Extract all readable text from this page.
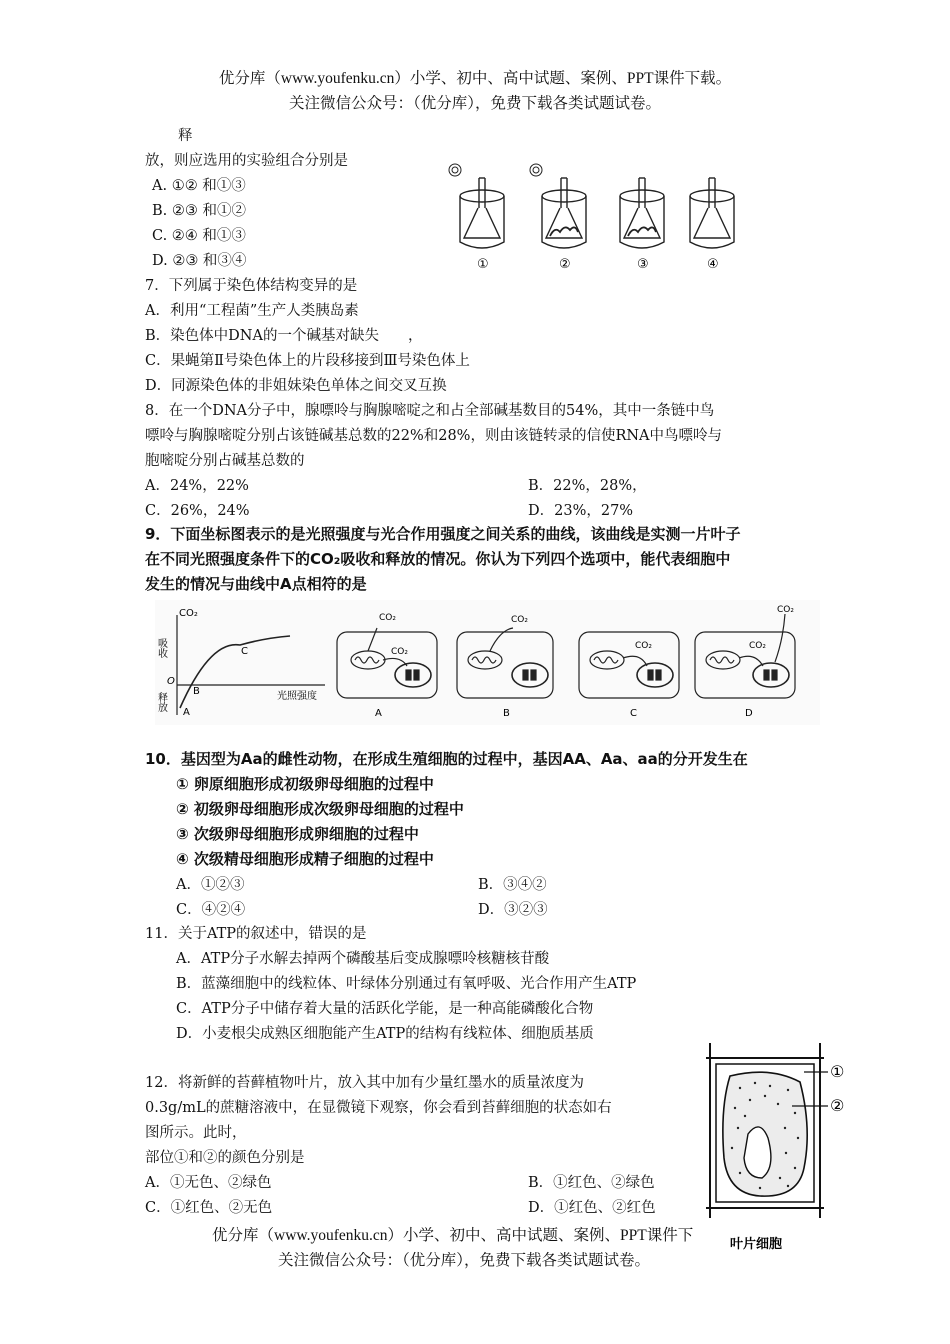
优分库（www.youfenku.cn）小学、初中、高中试题、案例、PPT课件下载。
关注微信公众号：（优分库），免费下载各类试题试卷。
释
放，则应选用的实验组合分别是
A. ①② 和①③
B. ②③ 和①②
C. ②④ 和①③
D. ②③ 和③④	①	②	③	④
7．下列属于染色体结构变异的是
A．利用“工程菌”生产人类胰岛素
B．染色体中DNA的一个碱基对缺失　　，
C．果蝇第Ⅱ号染色体上的片段移接到Ⅲ号染色体上
D．同源染色体的非姐妹染色单体之间交叉互换
8．在一个DNA分子中，腺嘌呤与胸腺嘧啶之和占全部碱基数目的54%，其中一条链中鸟
嘌呤与胸腺嘧啶分别占该链碱基总数的22%和28%，则由该链转录的信使RNA中鸟嘌呤与
胞嘧啶分别占碱基总数的
A．24%，22%	B．22%，28%，
C．26%，24%	D．23%，27%
9．下面坐标图表示的是光照强度与光合作用强度之间关系的曲线，该曲线是实测一片叶子
在不同光照强度条件下的CO₂吸收和释放的情况。你认为下列四个选项中，能代表细胞中
发生的情况与曲线中A点相符的是
CO₂
吸收
释放
O
光照强度
A
B
C
CO₂
CO₂
CO₂
CO₂
CO₂
CO₂
A	B	C	D
10．基因型为Aa的雌性动物，在形成生殖细胞的过程中，基因AA、Aa、aa的分开发生在
① 卵原细胞形成初级卵母细胞的过程中
② 初级卵母细胞形成次级卵母细胞的过程中
③ 次级卵母细胞形成卵细胞的过程中
④ 次级精母细胞形成精子细胞的过程中
A．①②③	B．③④②
C．④②④	D．③②③
11．关于ATP的叙述中，错误的是
A．ATP分子水解去掉两个磷酸基后变成腺嘌呤核糖核苷酸
B．蓝藻细胞中的线粒体、叶绿体分别通过有氧呼吸、光合作用产生ATP
C．ATP分子中储存着大量的活跃化学能，是一种高能磷酸化合物
D．小麦根尖成熟区细胞能产生ATP的结构有线粒体、细胞质基质
12．将新鲜的苔藓植物叶片，放入其中加有少量红墨水的质量浓度为
0.3g/mL的蔗糖溶液中，在显微镜下观察，你会看到苔藓细胞的状态如右
图所示。此时，
部位①和②的颜色分别是
A．①无色、②绿色	B．①红色、②绿色
C．①红色、②无色	D．①红色、②红色
①
②
叶片细胞
优分库（www.youfenku.cn）小学、初中、高中试题、案例、PPT课件下
关注微信公众号：（优分库），免费下载各类试题试卷。
